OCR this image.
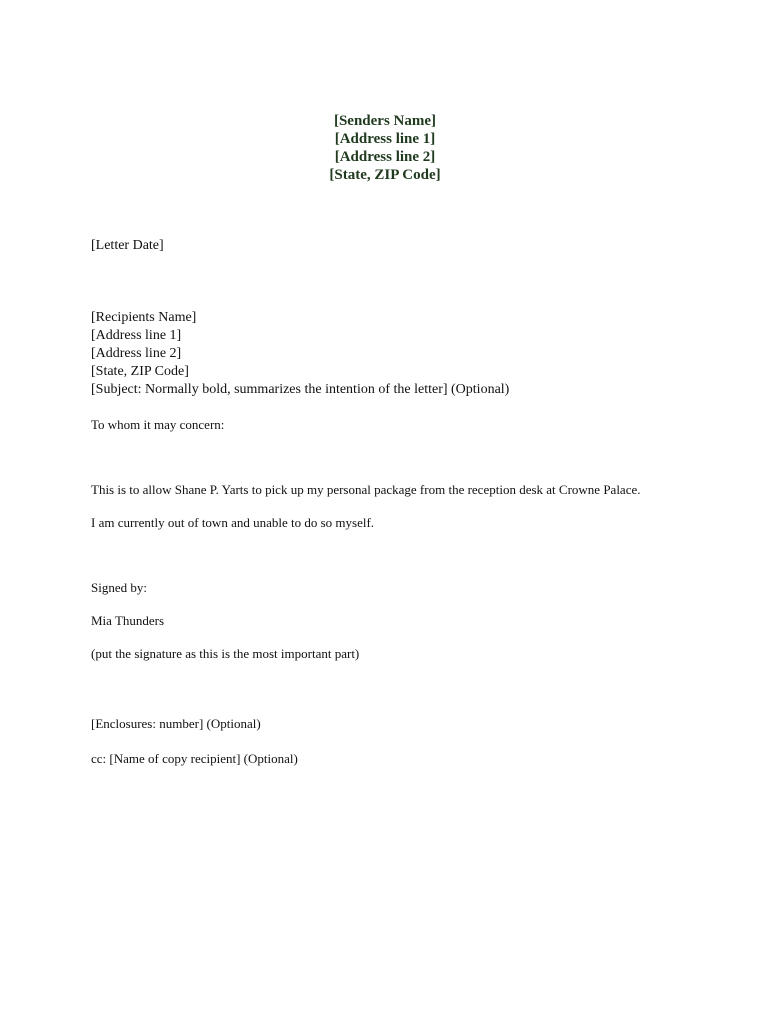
[Senders Name]
[Address line 1]
[Address line 2]
[State, ZIP Code]
[Letter Date]
[Recipients Name]
[Address line 1]
[Address line 2]
[State, ZIP Code]
[Subject: Normally bold, summarizes the intention of the letter] (Optional)
To whom it may concern:
This is to allow Shane P. Yarts to pick up my personal package from the reception desk at Crowne Palace.
I am currently out of town and unable to do so myself.
Signed by:
Mia Thunders
(put the signature as this is the most important part)
[Enclosures: number] (Optional)
cc: [Name of copy recipient] (Optional)
